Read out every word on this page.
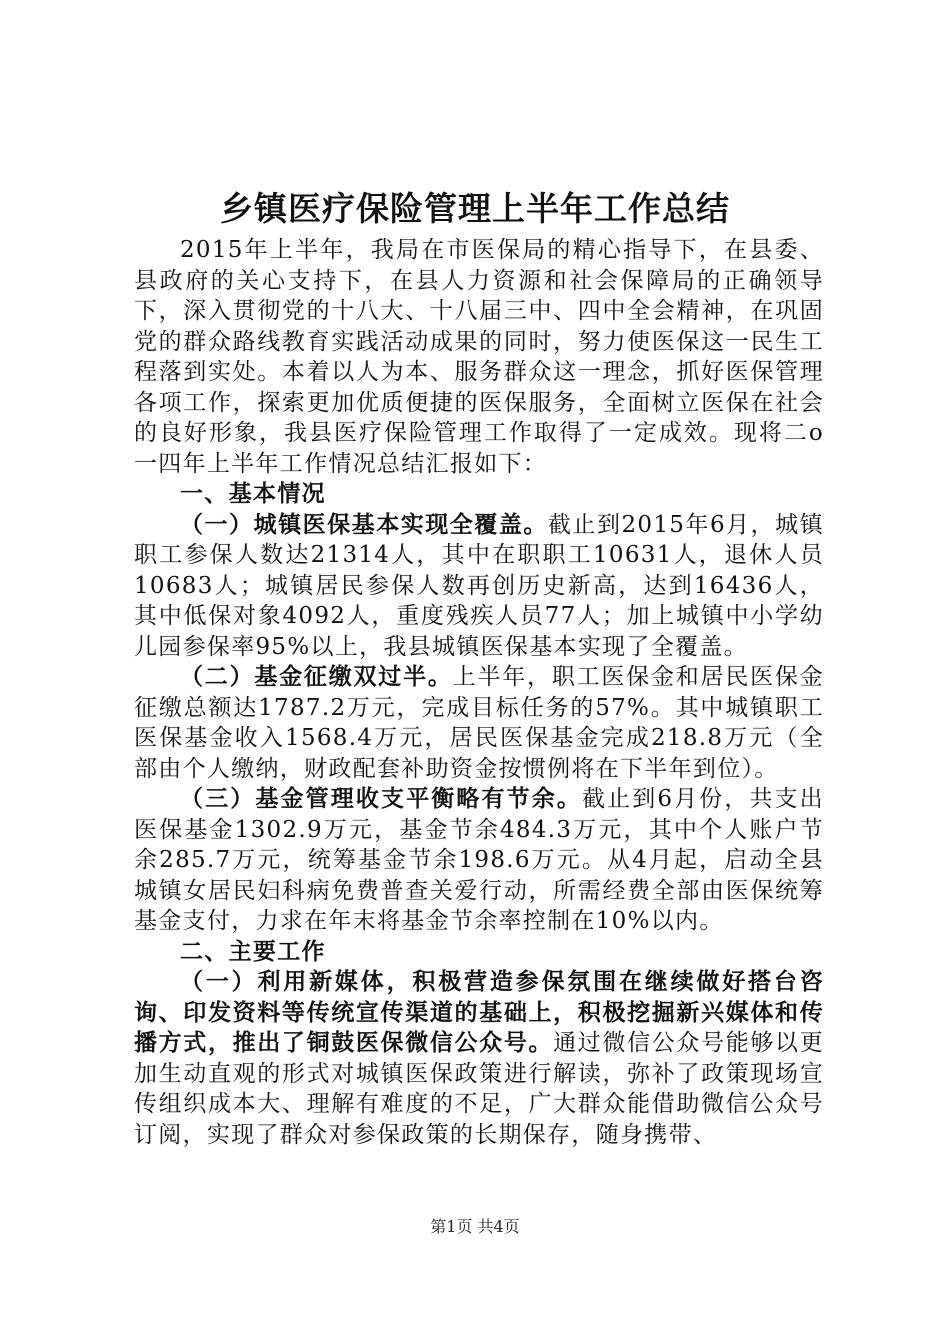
乡镇医疗保险管理上半年工作总结

2015年上半年，我局在市医保局的精心指导下，在县委、县政府的关心支持下，在县人力资源和社会保障局的正确领导下，深入贯彻党的十八大、十八届三中、四中全会精神，在巩固党的群众路线教育实践活动成果的同时，努力使医保这一民生工程落到实处。本着以人为本、服务群众这一理念，抓好医保管理各项工作，探索更加优质便捷的医保服务，全面树立医保在社会的良好形象，我县医疗保险管理工作取得了一定成效。现将二o一四年上半年工作情况总结汇报如下：

一、基本情况

（一）城镇医保基本实现全覆盖。截止到2015年6月，城镇职工参保人数达21314人，其中在职职工10631人，退休人员10683人；城镇居民参保人数再创历史新高，达到16436人，其中低保对象4092人，重度残疾人员77人；加上城镇中小学幼儿园参保率95%以上，我县城镇医保基本实现了全覆盖。

（二）基金征缴双过半。上半年，职工医保金和居民医保金征缴总额达1787.2万元，完成目标任务的57%。其中城镇职工医保基金收入1568.4万元，居民医保基金完成218.8万元（全部由个人缴纳，财政配套补助资金按惯例将在下半年到位）。

（三）基金管理收支平衡略有节余。截止到6月份，共支出医保基金1302.9万元，基金节余484.3万元，其中个人账户节余285.7万元，统筹基金节余198.6万元。从4月起，启动全县城镇女居民妇科病免费普查关爱行动，所需经费全部由医保统筹基金支付，力求在年末将基金节余率控制在10%以内。

二、主要工作

（一）利用新媒体，积极营造参保氛围在继续做好搭台咨询、印发资料等传统宣传渠道的基础上，积极挖掘新兴媒体和传播方式，推出了铜鼓医保微信公众号。通过微信公众号能够以更加生动直观的形式对城镇医保政策进行解读，弥补了政策现场宣传组织成本大、理解有难度的不足，广大群众能借助微信公众号订阅，实现了群众对参保政策的长期保存，随身携带、

第1页 共4页
